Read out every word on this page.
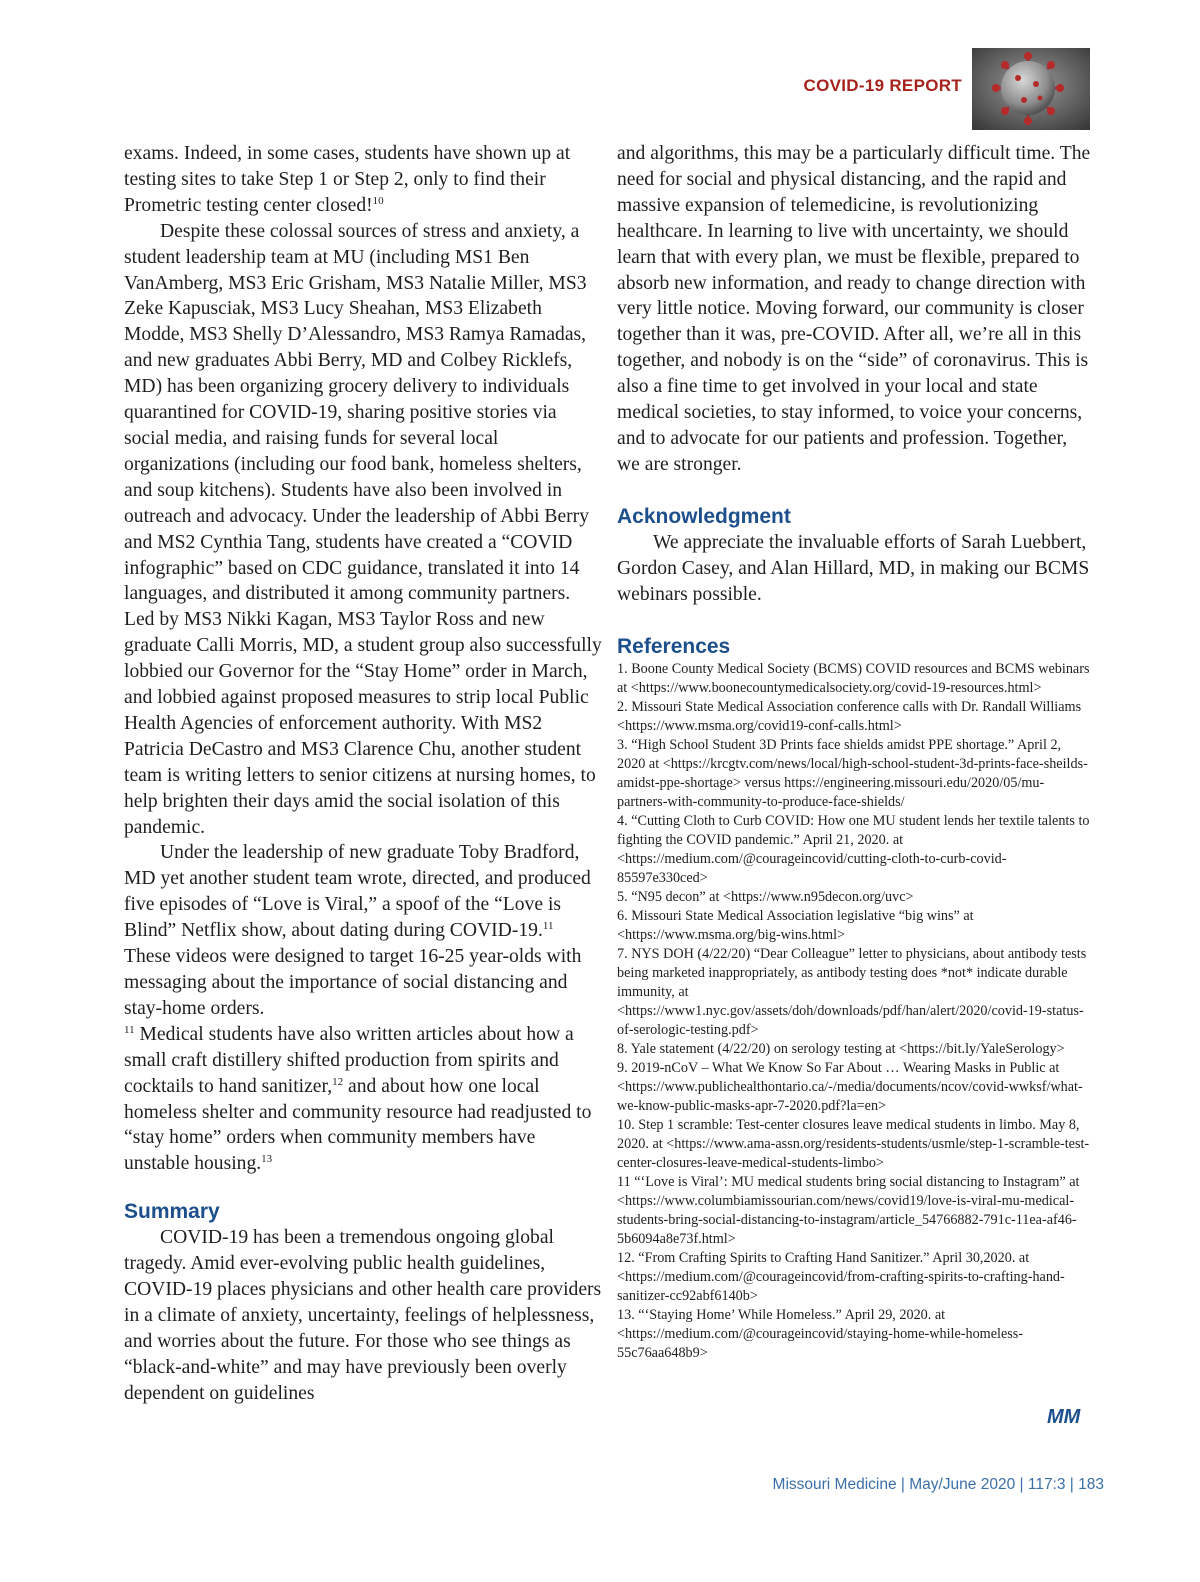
COVID-19 REPORT

exams. Indeed, in some cases, students have shown up at testing sites to take Step 1 or Step 2, only to find their Prometric testing center closed!$^{10}$

Despite these colossal sources of stress and anxiety, a student leadership team at MU (including MS1 Ben VanAmberg, MS3 Eric Grisham, MS3 Natalie Miller, MS3 Zeke Kapusciak, MS3 Lucy Sheahan, MS3 Elizabeth Modde, MS3 Shelly D’Alessandro, MS3 Ramya Ramadas, and new graduates Abbi Berry, MD and Colbey Ricklefs, MD) has been organizing grocery delivery to individuals quarantined for COVID-19, sharing positive stories via social media, and raising funds for several local organizations (including our food bank, homeless shelters, and soup kitchens). Students have also been involved in outreach and advocacy. Under the leadership of Abbi Berry and MS2 Cynthia Tang, students have created a “COVID infographic” based on CDC guidance, translated it into 14 languages, and distributed it among community partners. Led by MS3 Nikki Kagan, MS3 Taylor Ross and new graduate Calli Morris, MD, a student group also successfully lobbied our Governor for the “Stay Home” order in March, and lobbied against proposed measures to strip local Public Health Agencies of enforcement authority. With MS2 Patricia DeCastro and MS3 Clarence Chu, another student team is writing letters to senior citizens at nursing homes, to help brighten their days amid the social isolation of this pandemic.

Under the leadership of new graduate Toby Bradford, MD yet another student team wrote, directed, and produced five episodes of “Love is Viral,” a spoof of the “Love is Blind” Netflix show, about dating during COVID-19.11 These videos were designed to target 16-25 year-olds with messaging about the importance of social distancing and stay-home orders.
$^{11}$ Medical students have also written articles about how a small craft distillery shifted production from spirits and cocktails to hand sanitizer,$^{12}$ and about how one local homeless shelter and community resource had readjusted to “stay home” orders when community members have unstable housing.$^{13}$

Summary

COVID-19 has been a tremendous ongoing global tragedy. Amid ever-evolving public health guidelines, COVID-19 places physicians and other health care providers in a climate of anxiety, uncertainty, feelings of helplessness, and worries about the future. For those who see things as “black-and-white” and may have previously been overly dependent on guidelines

and algorithms, this may be a particularly difficult time. The need for social and physical distancing, and the rapid and massive expansion of telemedicine, is revolutionizing healthcare. In learning to live with uncertainty, we should learn that with every plan, we must be flexible, prepared to absorb new information, and ready to change direction with very little notice. Moving forward, our community is closer together than it was, pre-COVID. After all, we’re all in this together, and nobody is on the “side” of coronavirus. This is also a fine time to get involved in your local and state medical societies, to stay informed, to voice your concerns, and to advocate for our patients and profession. Together, we are stronger.

Acknowledgment

We appreciate the invaluable efforts of Sarah Luebbert, Gordon Casey, and Alan Hillard, MD, in making our BCMS webinars possible.

References
1. Boone County Medical Society (BCMS) COVID resources and BCMS webinars at <https://www.boonecountymedicalsociety.org/covid-19-resources.html>
2. Missouri State Medical Association conference calls with Dr. Randall Williams <https://www.msma.org/covid19-conf-calls.html>
3. “High School Student 3D Prints face shields amidst PPE shortage.” April 2, 2020 at <https://krcgtv.com/news/local/high-school-student-3d-prints-face-sheilds-amidst-ppe-shortage> versus https://engineering.missouri.edu/2020/05/mu-partners-with-community-to-produce-face-shields/
4. “Cutting Cloth to Curb COVID: How one MU student lends her textile talents to fighting the COVID pandemic.” April 21, 2020. at <https://medium.com/@courageincovid/cutting-cloth-to-curb-covid-85597e330ced>
5. “N95 decon” at <https://www.n95decon.org/uvc>
6. Missouri State Medical Association legislative “big wins” at <https://www.msma.org/big-wins.html>
7. NYS DOH (4/22/20) “Dear Colleague” letter to physicians, about antibody tests being marketed inappropriately, as antibody testing does *not* indicate durable immunity, at <https://www1.nyc.gov/assets/doh/downloads/pdf/han/alert/2020/covid-19-status-of-serologic-testing.pdf>
8. Yale statement (4/22/20) on serology testing at <https://bit.ly/YaleSerology>
9. 2019-nCoV – What We Know So Far About … Wearing Masks in Public at <https://www.publichealthontario.ca/-/media/documents/ncov/covid-wwksf/what-we-know-public-masks-apr-7-2020.pdf?la=en>
10. Step 1 scramble: Test-center closures leave medical students in limbo. May 8, 2020. at <https://www.ama-assn.org/residents-students/usmle/step-1-scramble-test-center-closures-leave-medical-students-limbo>
11 “‘Love is Viral’: MU medical students bring social distancing to Instagram” at <https://www.columbiamissourian.com/news/covid19/love-is-viral-mu-medical-students-bring-social-distancing-to-instagram/article_54766882-791c-11ea-af46-5b6094a8e73f.html>
12. “From Crafting Spirits to Crafting Hand Sanitizer.” April 30,2020. at <https://medium.com/@courageincovid/from-crafting-spirits-to-crafting-hand-sanitizer-cc92abf6140b>
13. “‘Staying Home’ While Homeless.” April 29, 2020. at <https://medium.com/@courageincovid/staying-home-while-homeless-55c76aa648b9>
MM
Missouri Medicine | May/June 2020 | 117:3 | 183
